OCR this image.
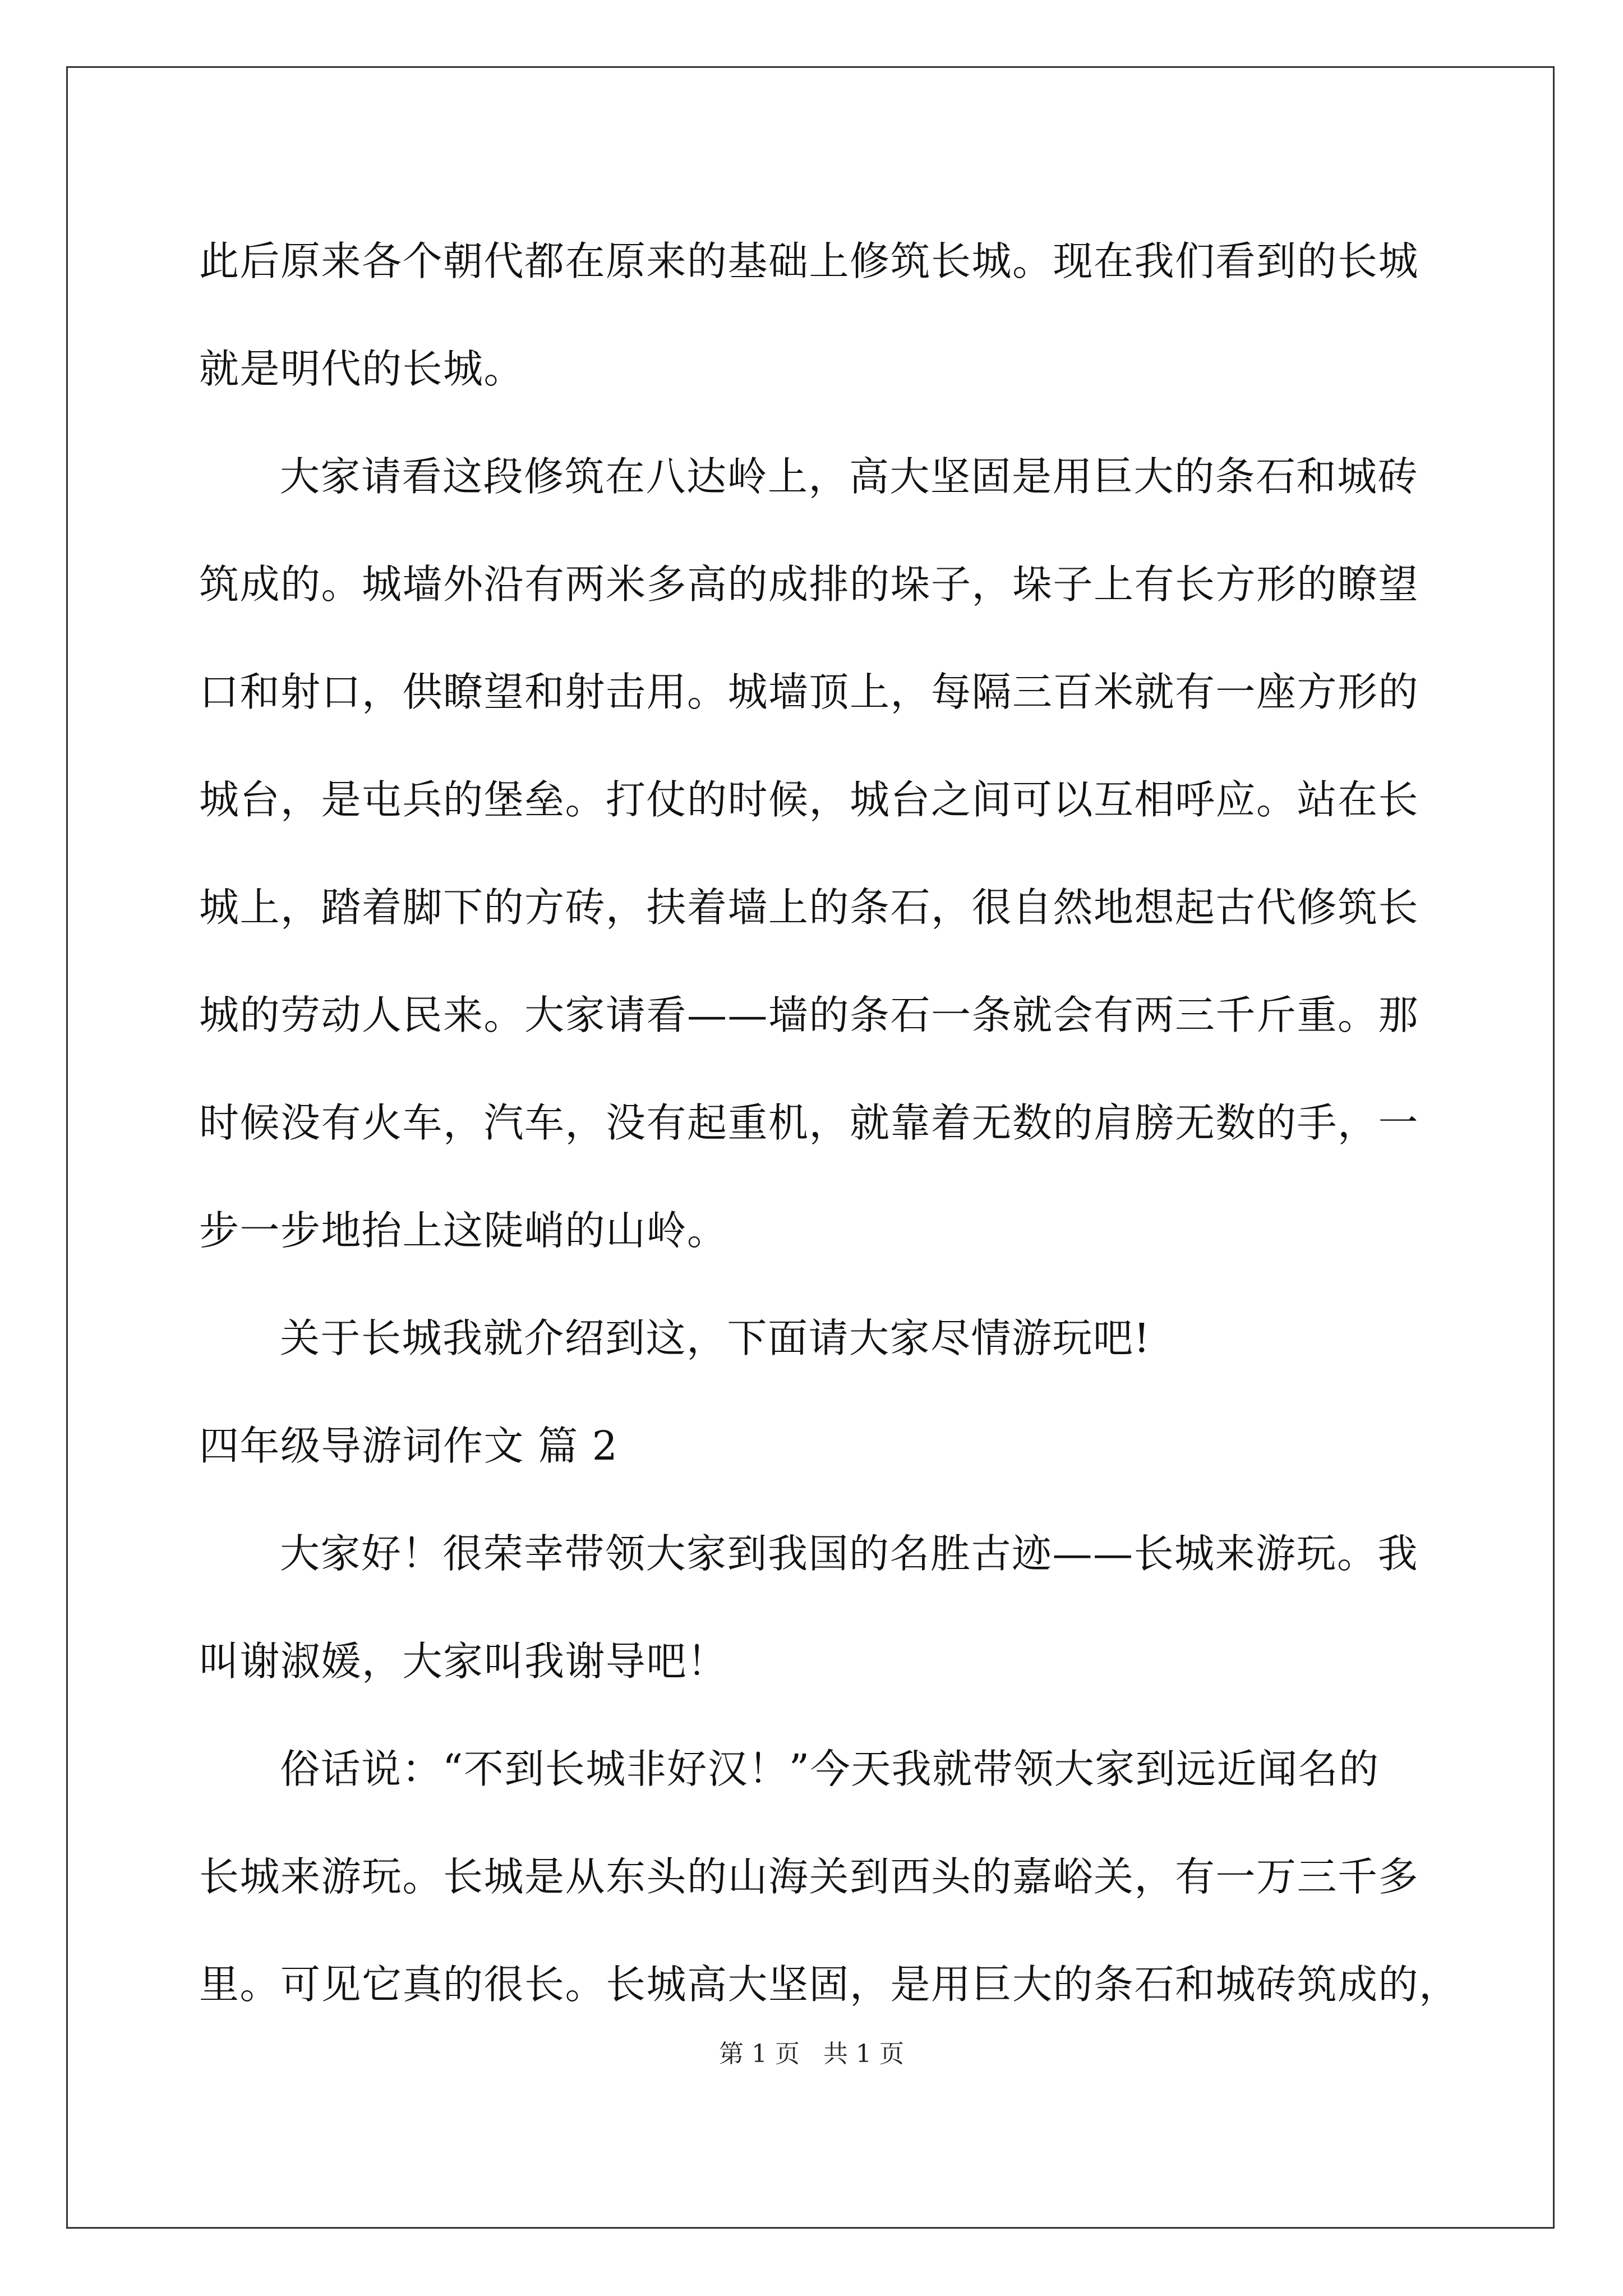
此后原来各个朝代都在原来的基础上修筑长城。现在我们看到的长城
就是明代的长城。
大家请看这段修筑在八达岭上，高大坚固是用巨大的条石和城砖
筑成的。城墙外沿有两米多高的成排的垛子，垛子上有长方形的瞭望
口和射口，供瞭望和射击用。城墙顶上，每隔三百米就有一座方形的
城台，是屯兵的堡垒。打仗的时候，城台之间可以互相呼应。站在长
城上，踏着脚下的方砖，扶着墙上的条石，很自然地想起古代修筑长
城的劳动人民来。大家请看——墙的条石一条就会有两三千斤重。那
时候没有火车，汽车，没有起重机，就靠着无数的肩膀无数的手，一
步一步地抬上这陡峭的山岭。
关于长城我就介绍到这，下面请大家尽情游玩吧!
四年级导游词作文 篇 2
大家好！很荣幸带领大家到我国的名胜古迹——长城来游玩。我
叫谢淑媛，大家叫我谢导吧！
俗话说：“不到长城非好汉！”今天我就带领大家到远近闻名的
长城来游玩。长城是从东头的山海关到西头的嘉峪关，有一万三千多
里。可见它真的很长。长城高大坚固，是用巨大的条石和城砖筑成的，
第 1 页   共 1 页
